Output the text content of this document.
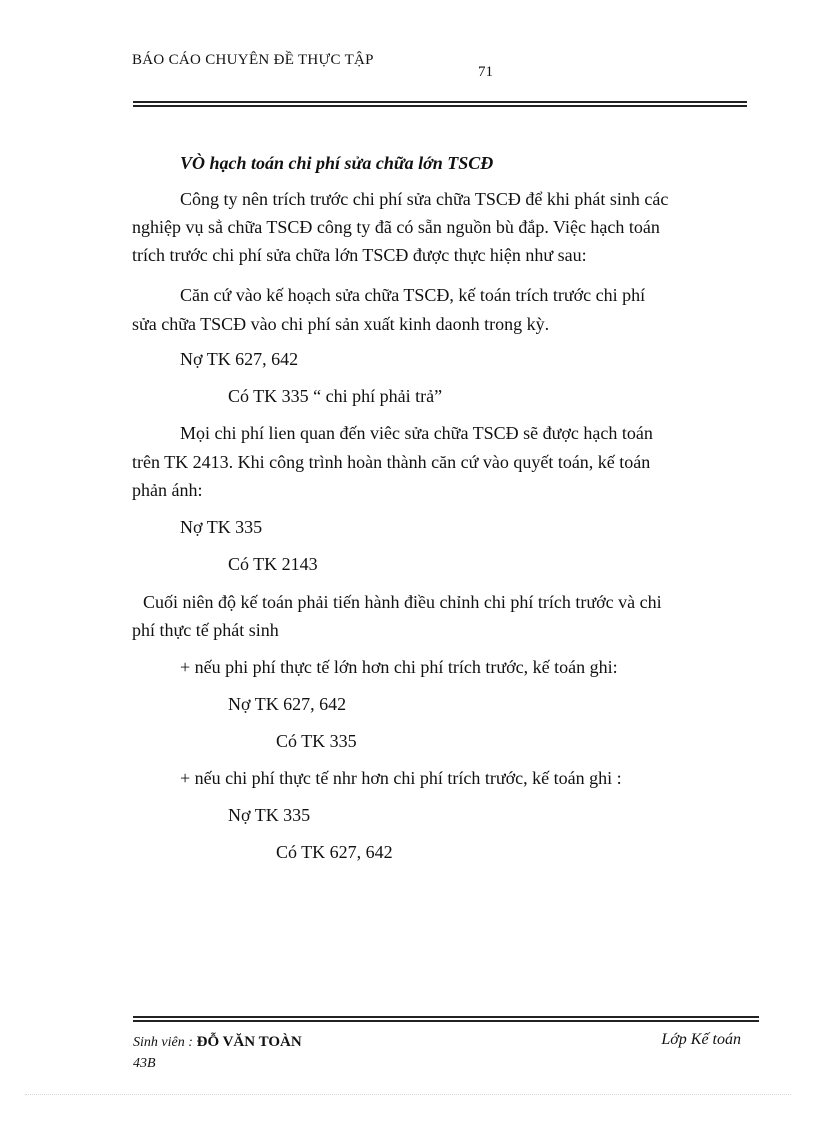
BÁO CÁO CHUYÊN ĐỀ THỰC TẬP
71
VÒ hạch toán chi phí sửa chữa lớn TSCĐ
Công ty nên trích trước chi phí sửa chữa TSCĐ để khi phát sinh các
nghiệp vụ sẳ chữa TSCĐ công ty đã có sẵn nguồn bù đắp. Việc hạch toán
trích trước chi phí sửa chữa lớn TSCĐ được thực hiện như sau:
Căn cứ vào kế hoạch sửa chữa TSCĐ, kế toán trích trước chi phí
sửa chữa TSCĐ vào chi phí sản xuất kinh daonh trong kỳ.
Nợ TK 627, 642
Có TK 335 “ chi phí phải trả”
Mọi chi phí lien quan đến viêc sửa chữa TSCĐ sẽ được hạch toán
trên TK 2413. Khi công trình hoàn thành căn cứ vào quyết toán, kế toán
phản ánh:
Nợ TK 335
Có TK 2143
Cuối niên độ kế toán phải tiến hành điều chỉnh chi phí trích trước và chi
phí thực tế phát sinh
+ nếu phi phí thực tế lớn hơn chi phí trích trước, kế toán ghi:
Nợ TK 627, 642
Có TK 335
+ nếu chi phí thực tế nhr hơn chi phí trích trước, kế toán ghi :
Nợ TK 335
Có TK 627, 642
Sinh viên : ĐỖ VĂN TOÀN
43B
Lớp Kế toán
